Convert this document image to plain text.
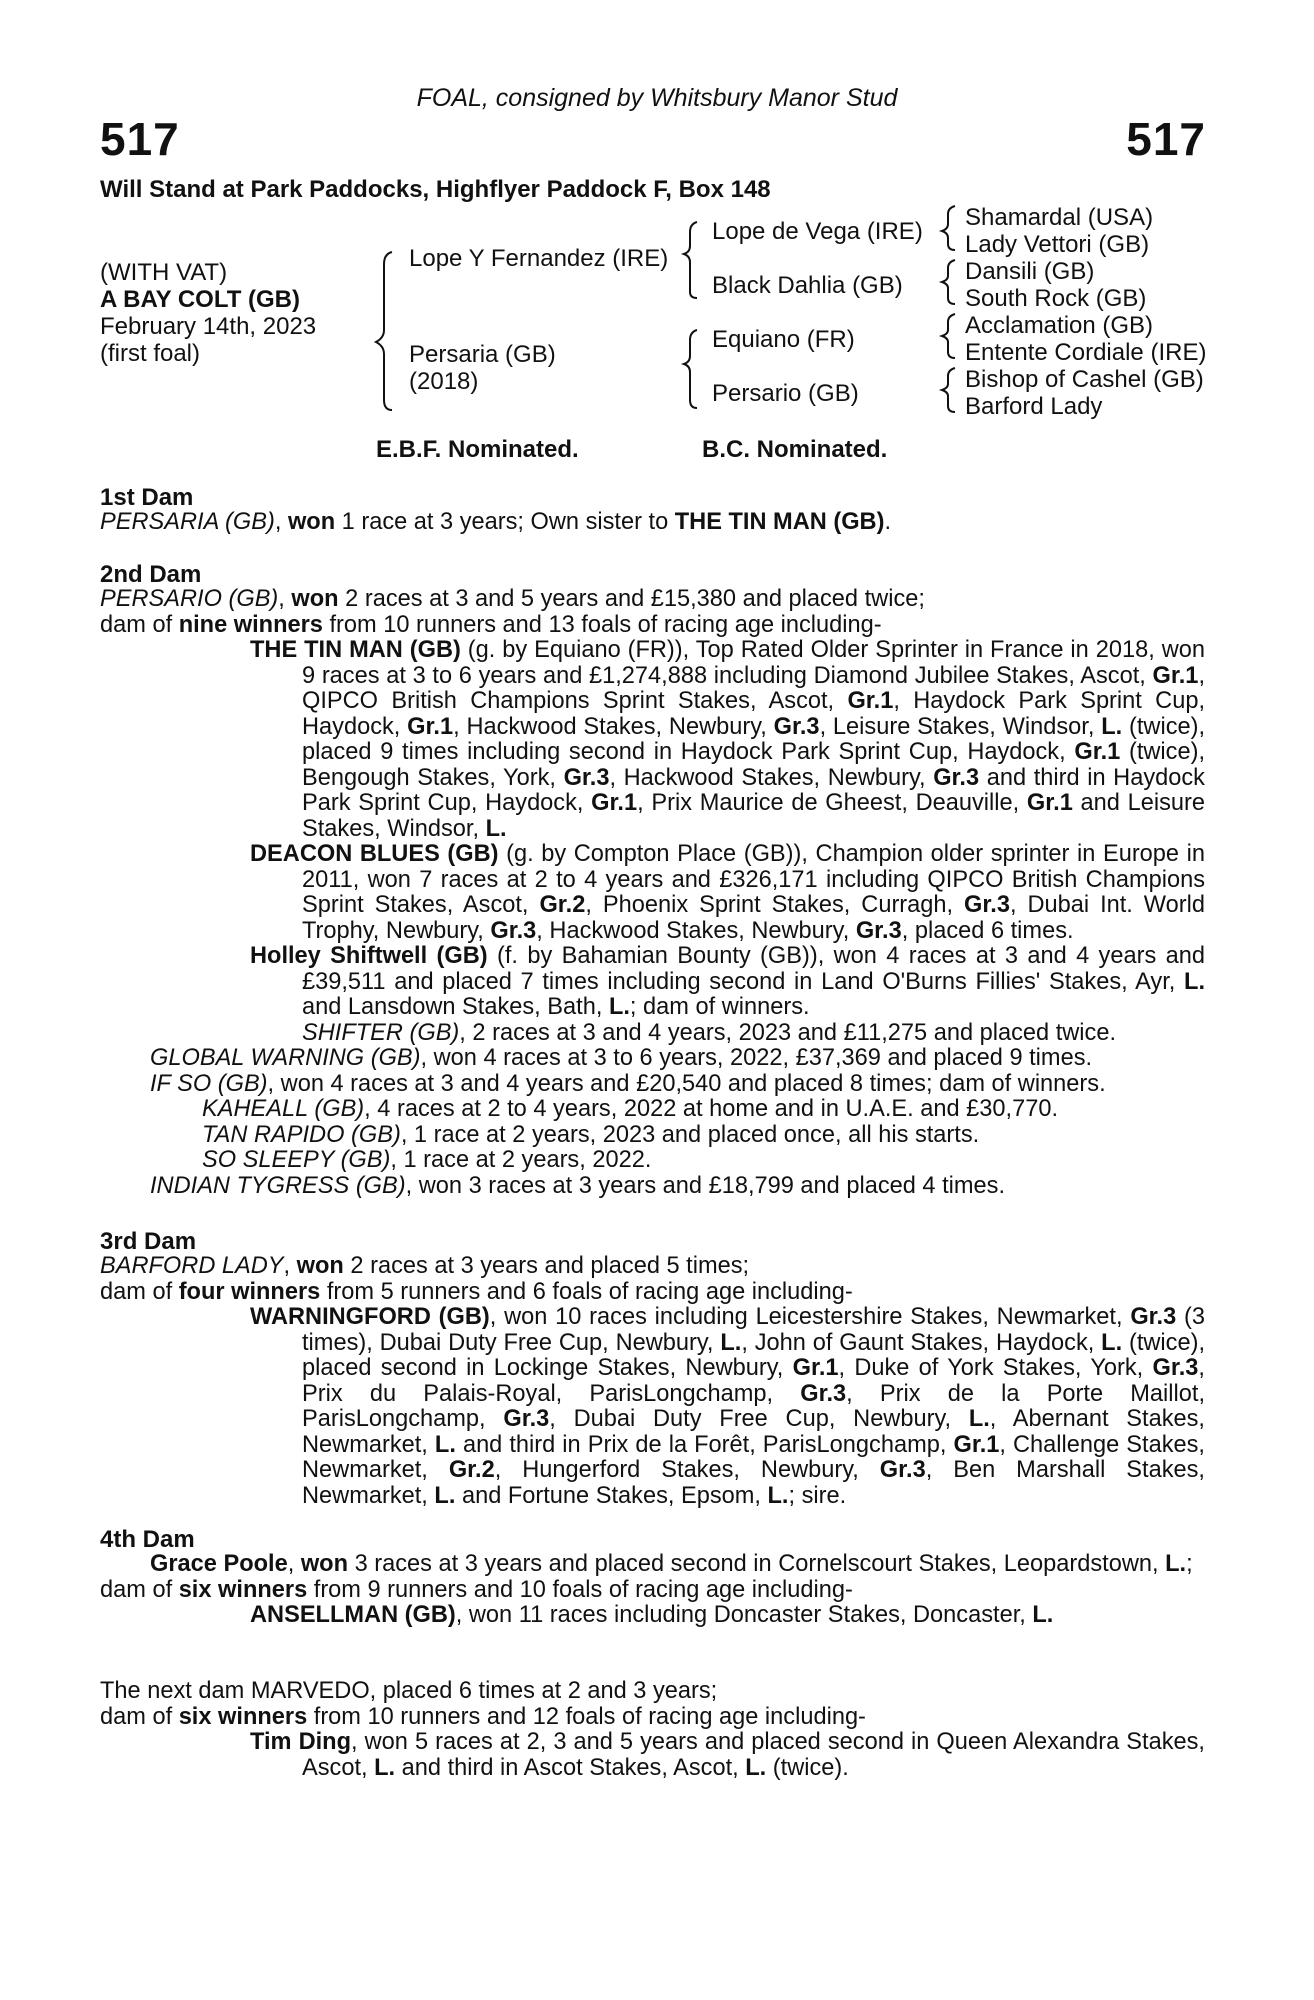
FOAL, consigned by Whitsbury Manor Stud
517	517
Will Stand at Park Paddocks, Highflyer Paddock F, Box 148
(WITH VAT)
A BAY COLT (GB)
February 14th, 2023
(first foal)
Lope Y Fernandez (IRE)
Persaria (GB)
(2018)
Lope de Vega (IRE)
Black Dahlia (GB)
Equiano (FR)
Persario (GB)
Shamardal (USA)
Lady Vettori (GB)
Dansili (GB)
South Rock (GB)
Acclamation (GB)
Entente Cordiale (IRE)
Bishop of Cashel (GB)
Barford Lady
E.B.F. Nominated.	B.C. Nominated.
1st Dam

PERSARIA (GB), won 1 race at 3 years; Own sister to THE TIN MAN (GB).

2nd Dam

PERSARIO (GB), won 2 races at 3 and 5 years and £15,380 and placed twice;

dam of nine winners from 10 runners and 13 foals of racing age including-

THE TIN MAN (GB) (g. by Equiano (FR)), Top Rated Older Sprinter in France in 2018, won 9 races at 3 to 6 years and £1,274,888 including Diamond Jubilee Stakes, Ascot, Gr.1, QIPCO British Champions Sprint Stakes, Ascot, Gr.1, Haydock Park Sprint Cup, Haydock, Gr.1, Hackwood Stakes, Newbury, Gr.3, Leisure Stakes, Windsor, L. (twice), placed 9 times including second in Haydock Park Sprint Cup, Haydock, Gr.1 (twice), Bengough Stakes, York, Gr.3, Hackwood Stakes, Newbury, Gr.3 and third in Haydock Park Sprint Cup, Haydock, Gr.1, Prix Maurice de Gheest, Deauville, Gr.1 and Leisure Stakes, Windsor, L.

DEACON BLUES (GB) (g. by Compton Place (GB)), Champion older sprinter in Europe in 2011, won 7 races at 2 to 4 years and £326,171 including QIPCO British Champions Sprint Stakes, Ascot, Gr.2, Phoenix Sprint Stakes, Curragh, Gr.3, Dubai Int. World Trophy, Newbury, Gr.3, Hackwood Stakes, Newbury, Gr.3, placed 6 times.

Holley Shiftwell (GB) (f. by Bahamian Bounty (GB)), won 4 races at 3 and 4 years and £39,511 and placed 7 times including second in Land O'Burns Fillies' Stakes, Ayr, L. and Lansdown Stakes, Bath, L.; dam of winners.

SHIFTER (GB), 2 races at 3 and 4 years, 2023 and £11,275 and placed twice.

GLOBAL WARNING (GB), won 4 races at 3 to 6 years, 2022, £37,369 and placed 9 times.

IF SO (GB), won 4 races at 3 and 4 years and £20,540 and placed 8 times; dam of winners.

KAHEALL (GB), 4 races at 2 to 4 years, 2022 at home and in U.A.E. and £30,770.

TAN RAPIDO (GB), 1 race at 2 years, 2023 and placed once, all his starts.

SO SLEEPY (GB), 1 race at 2 years, 2022.

INDIAN TYGRESS (GB), won 3 races at 3 years and £18,799 and placed 4 times.

3rd Dam

BARFORD LADY, won 2 races at 3 years and placed 5 times;

dam of four winners from 5 runners and 6 foals of racing age including-

WARNINGFORD (GB), won 10 races including Leicestershire Stakes, Newmarket, Gr.3 (3 times), Dubai Duty Free Cup, Newbury, L., John of Gaunt Stakes, Haydock, L. (twice), placed second in Lockinge Stakes, Newbury, Gr.1, Duke of York Stakes, York, Gr.3, Prix du Palais-Royal, ParisLongchamp, Gr.3, Prix de la Porte Maillot, ParisLongchamp, Gr.3, Dubai Duty Free Cup, Newbury, L., Abernant Stakes, Newmarket, L. and third in Prix de la Forêt, ParisLongchamp, Gr.1, Challenge Stakes, Newmarket, Gr.2, Hungerford Stakes, Newbury, Gr.3, Ben Marshall Stakes, Newmarket, L. and Fortune Stakes, Epsom, L.; sire.

4th Dam

Grace Poole, won 3 races at 3 years and placed second in Cornelscourt Stakes, Leopardstown, L.;

dam of six winners from 9 runners and 10 foals of racing age including-

ANSELLMAN (GB), won 11 races including Doncaster Stakes, Doncaster, L.

The next dam MARVEDO, placed 6 times at 2 and 3 years;

dam of six winners from 10 runners and 12 foals of racing age including-

Tim Ding, won 5 races at 2, 3 and 5 years and placed second in Queen Alexandra Stakes, Ascot, L. and third in Ascot Stakes, Ascot, L. (twice).
